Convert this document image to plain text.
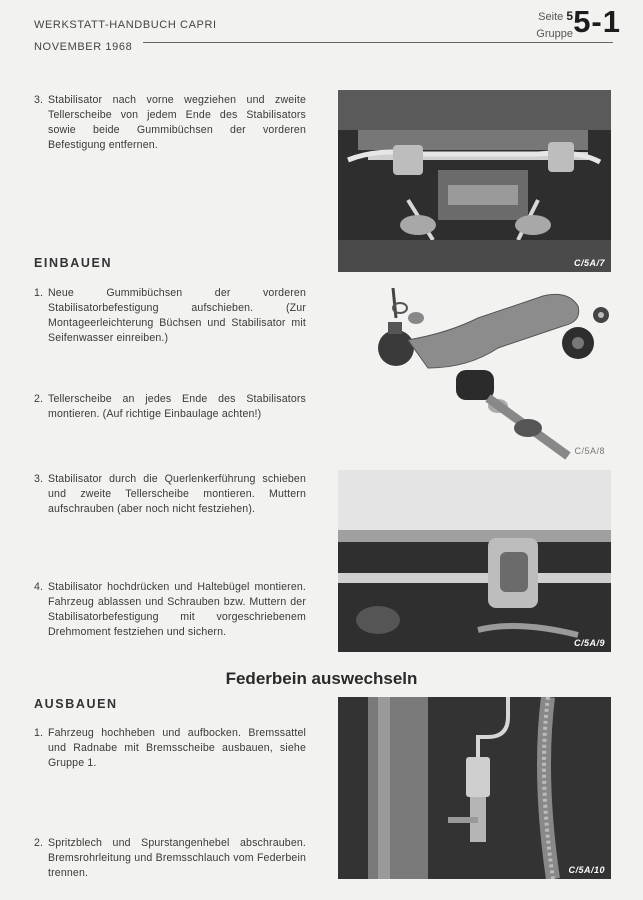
WERKSTATT-HANDBUCH CAPRI
NOVEMBER 1968
Seite 5
Gruppe 5-1
3. Stabilisator nach vorne wegziehen und zweite Tellerscheibe von jedem Ende des Stabilisators sowie beide Gummibüchsen der vorderen Befestigung entfernen.
EINBAUEN
1. Neue Gummibüchsen der vorderen Stabilisatorbefestigung aufschieben. (Zur Montageerleichterung Büchsen und Stabilisator mit Seifenwasser einreiben.)
2. Tellerscheibe an jedes Ende des Stabilisators montieren. (Auf richtige Einbaulage achten!)
3. Stabilisator durch die Querlenkerführung schieben und zweite Tellerscheibe montieren. Muttern aufschrauben (aber noch nicht festziehen).
4. Stabilisator hochdrücken und Haltebügel montieren. Fahrzeug ablassen und Schrauben bzw. Muttern der Stabilisatorbefestigung mit vorgeschriebenem Drehmoment festziehen und sichern.
Federbein auswechseln
AUSBAUEN
1. Fahrzeug hochheben und aufbocken. Bremssattel und Radnabe mit Bremsscheibe ausbauen, siehe Gruppe 1.
2. Spritzblech und Spurstangenhebel abschrauben. Bremsrohrleitung und Bremsschlauch vom Federbein trennen.
C/5A/7
C/5A/8
C/5A/9
C/5A/10
